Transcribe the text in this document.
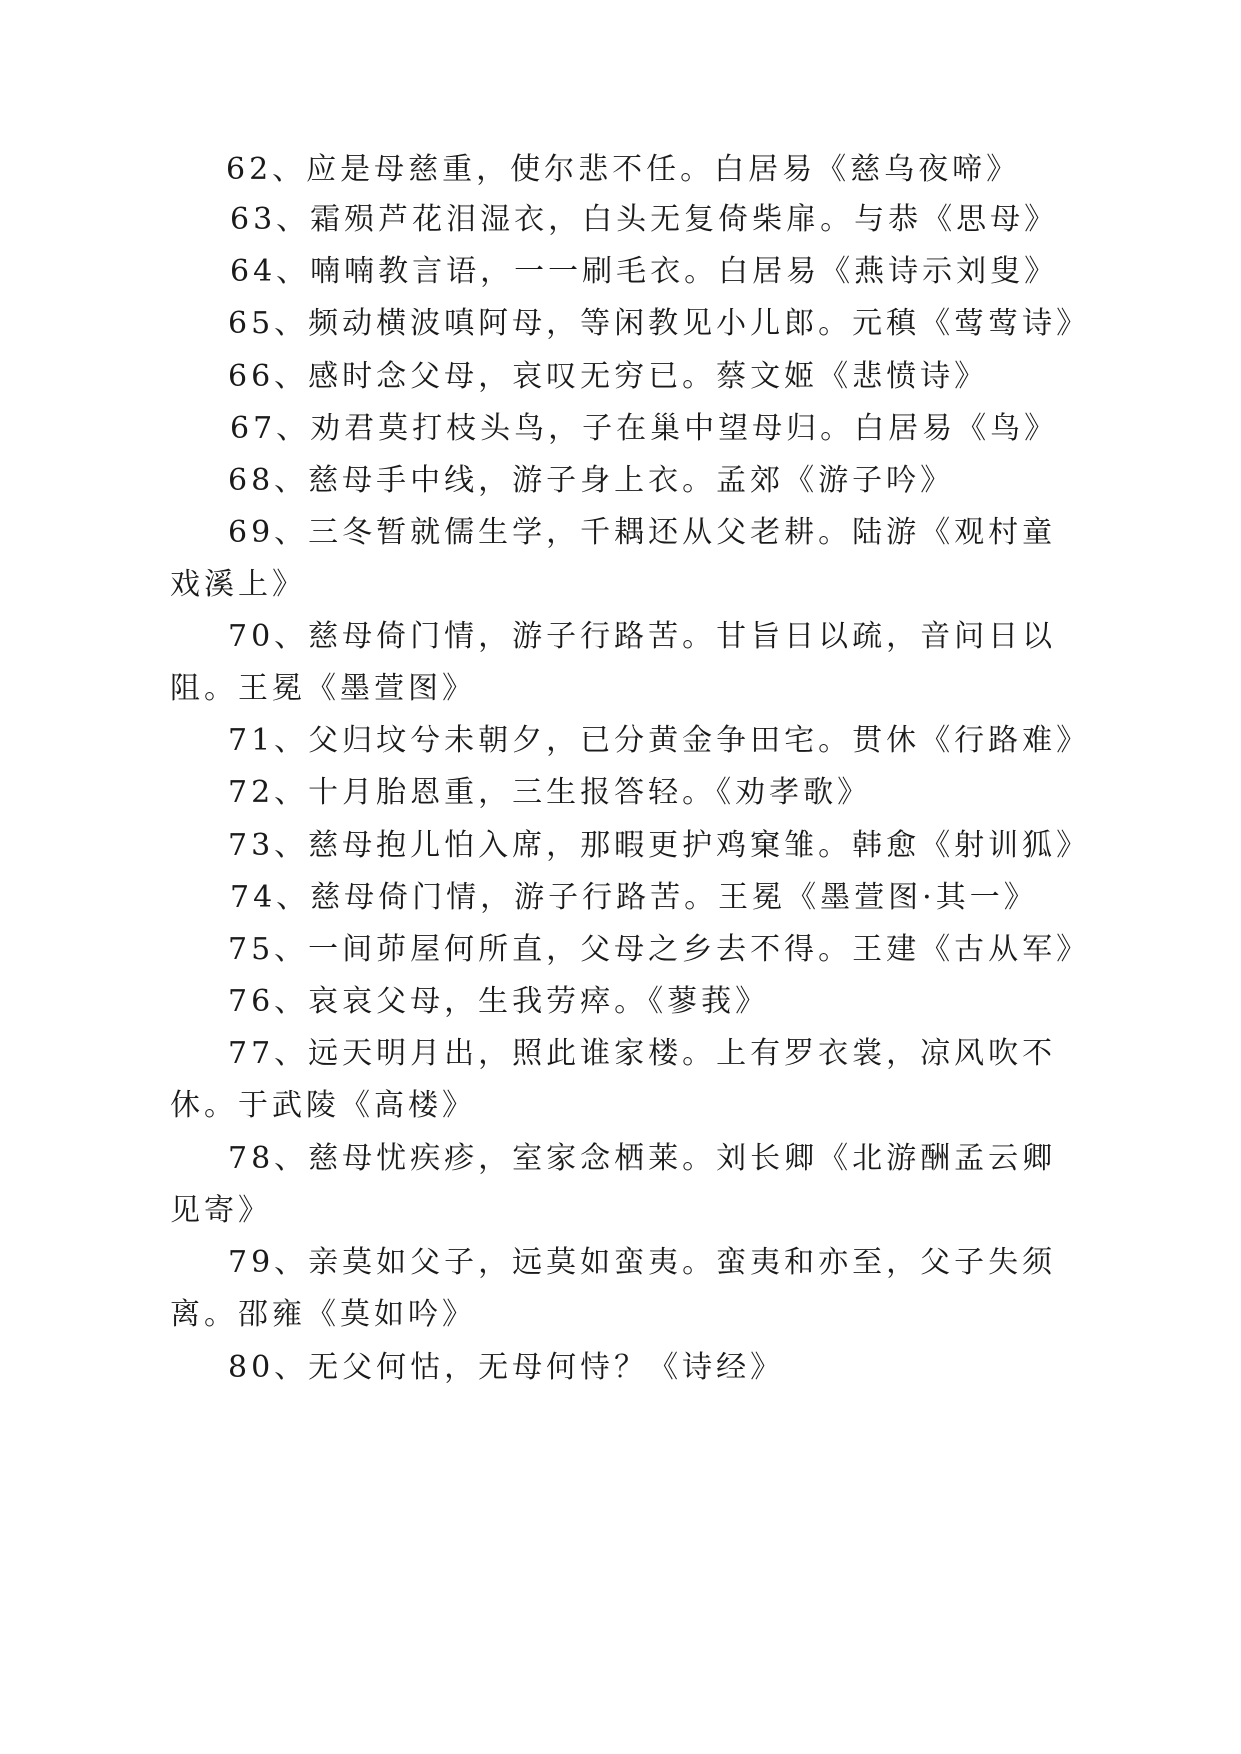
62、应是母慈重，使尔悲不任。白居易《慈乌夜啼》
63、霜殒芦花泪湿衣，白头无复倚柴扉。与恭《思母》
64、喃喃教言语，一一刷毛衣。白居易《燕诗示刘叟》
65、频动横波嗔阿母，等闲教见小儿郎。元稹《莺莺诗》
66、感时念父母，哀叹无穷已。蔡文姬《悲愤诗》
67、劝君莫打枝头鸟，子在巢中望母归。白居易《鸟》
68、慈母手中线，游子身上衣。孟郊《游子吟》
69、三冬暂就儒生学，千耦还从父老耕。陆游《观村童
戏溪上》
70、慈母倚门情，游子行路苦。甘旨日以疏，音问日以
阻。王冕《墨萱图》
71、父归坟兮未朝夕，已分黄金争田宅。贯休《行路难》
72、十月胎恩重，三生报答轻。《劝孝歌》
73、慈母抱儿怕入席，那暇更护鸡窠雏。韩愈《射训狐》
74、慈母倚门情，游子行路苦。王冕《墨萱图·其一》
75、一间茆屋何所直，父母之乡去不得。王建《古从军》
76、哀哀父母，生我劳瘁。《蓼莪》
77、远天明月出，照此谁家楼。上有罗衣裳，凉风吹不
休。于武陵《高楼》
78、慈母忧疾疹，室家念栖莱。刘长卿《北游酬孟云卿
见寄》
79、亲莫如父子，远莫如蛮夷。蛮夷和亦至，父子失须
离。邵雍《莫如吟》
80、无父何怙，无母何恃？《诗经》
